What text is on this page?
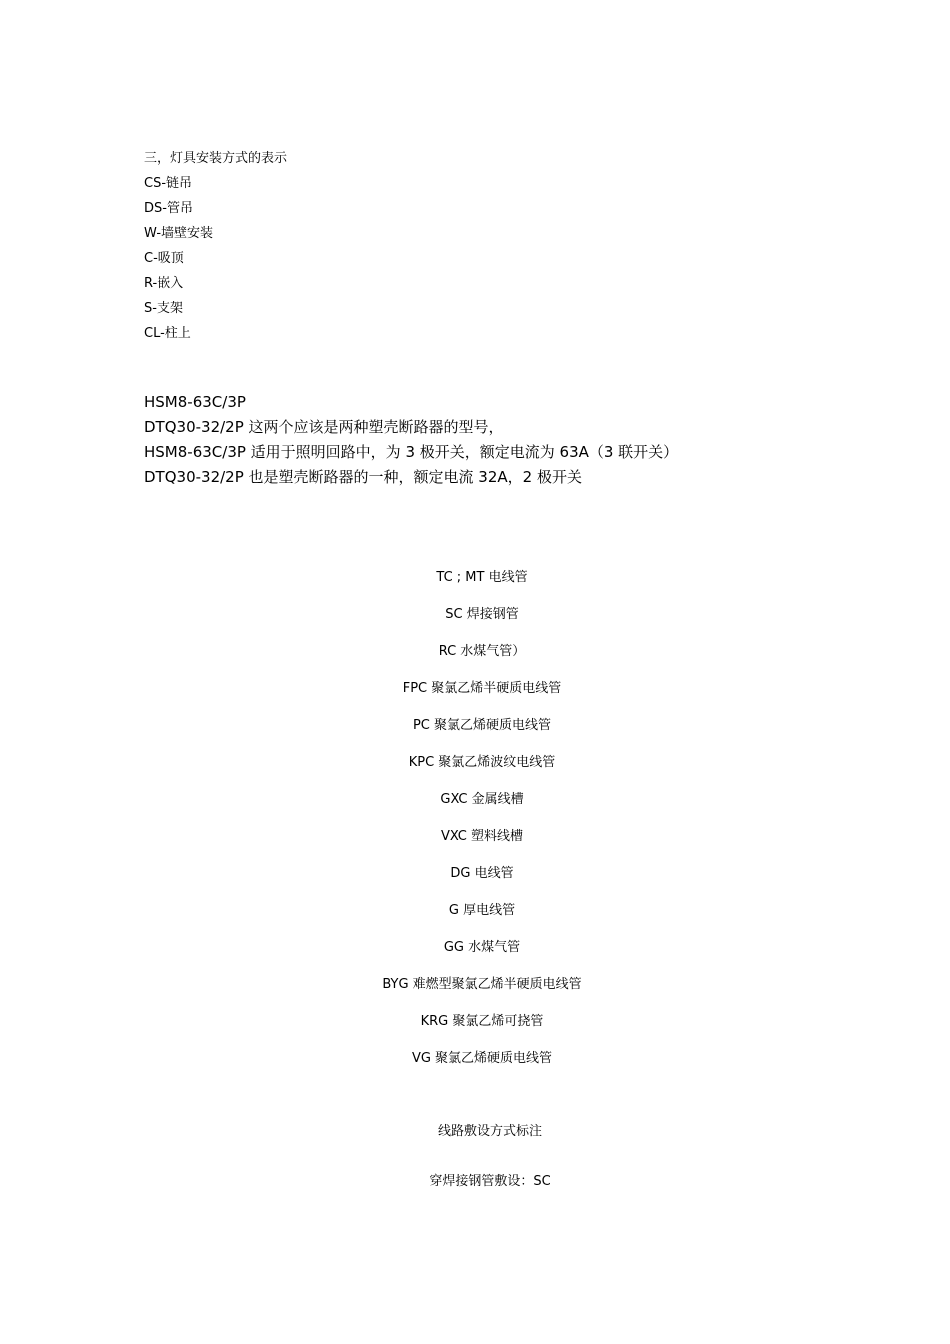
三，灯具安装方式的表示
CS-链吊
DS-管吊
W-墙壁安装
C-吸顶
R-嵌入
S-支架
CL-柱上
HSM8-63C/3P
DTQ30-32/2P 这两个应该是两种塑壳断路器的型号，
HSM8-63C/3P 适用于照明回路中，为 3 极开关，额定电流为 63A（3 联开关）
DTQ30-32/2P 也是塑壳断路器的一种，额定电流 32A，2 极开关
TC ; MT 电线管
SC 焊接钢管
RC 水煤气管）
FPC 聚氯乙烯半硬质电线管
PC 聚氯乙烯硬质电线管
KPC 聚氯乙烯波纹电线管
GXC 金属线槽
VXC 塑料线槽
DG 电线管
G 厚电线管
GG 水煤气管
BYG 难燃型聚氯乙烯半硬质电线管
KRG 聚氯乙烯可挠管
VG 聚氯乙烯硬质电线管
线路敷设方式标注
穿焊接钢管敷设：SC
